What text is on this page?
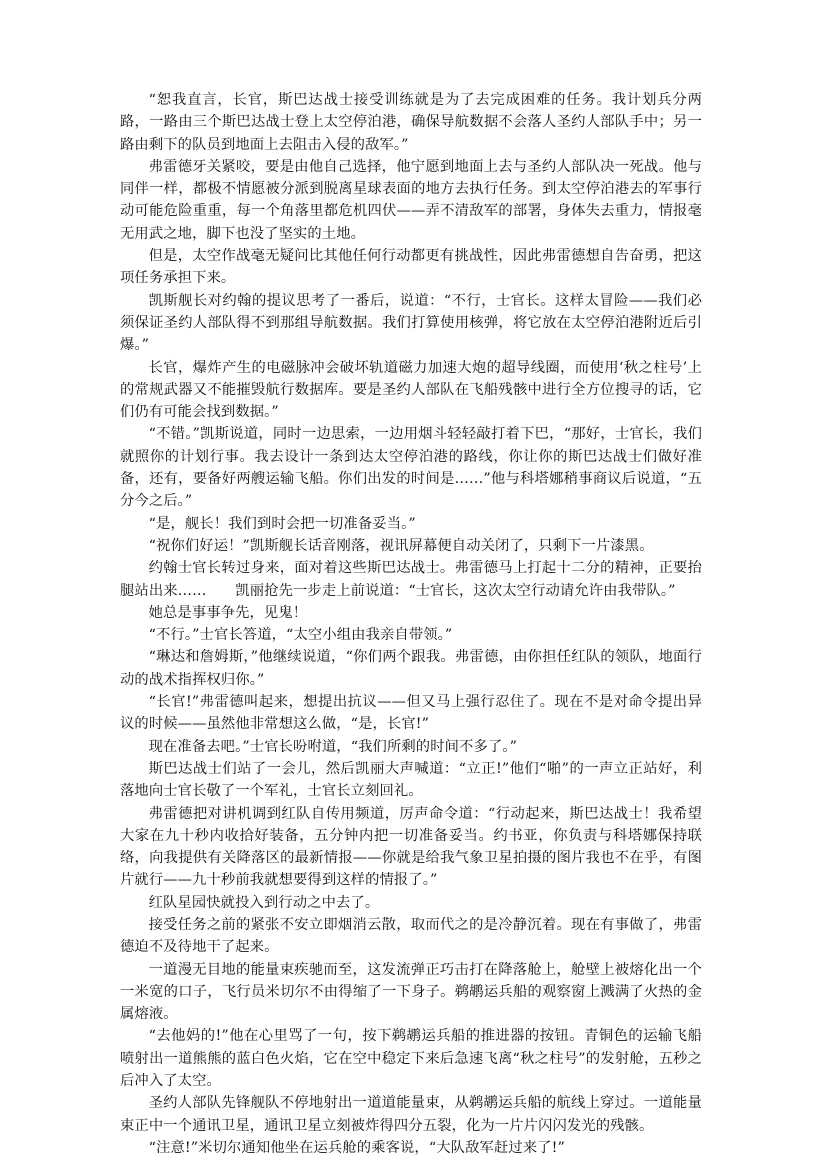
“恕我直言，长官，斯巴达战士接受训练就是为了去完成困难的任务。我计划兵分两路，一路由三个斯巴达战士登上太空停泊港，确保导航数据不会落人圣约人部队手中；另一路由剩下的队员到地面上去阻击入侵的敌军。”

弗雷德牙关紧咬，要是由他自己选择，他宁愿到地面上去与圣约人部队决一死战。他与同伴一样，都极不情愿被分派到脱离星球表面的地方去执行任务。到太空停泊港去的军事行动可能危险重重，每一个角落里都危机四伏——弄不清敌军的部署，身体失去重力，情报毫无用武之地，脚下也没了坚实的土地。

但是，太空作战毫无疑问比其他任何行动都更有挑战性，因此弗雷德想自告奋勇，把这项任务承担下来。

凯斯舰长对约翰的提议思考了一番后，说道：“不行，士官长。这样太冒险——我们必须保证圣约人部队得不到那组导航数据。我们打算使用核弹，将它放在太空停泊港附近后引爆。”

长官，爆炸产生的电磁脉冲会破坏轨道磁力加速大炮的超导线圈，而使用‘秋之柱号’上的常规武器又不能摧毁航行数据库。要是圣约人部队在飞船残骸中进行全方位搜寻的话，它们仍有可能会找到数据。”

“不错。”凯斯说道，同时一边思索，一边用烟斗轻轻敲打着下巴，“那好，士官长，我们就照你的计划行事。我去设计一条到达太空停泊港的路线，你让你的斯巴达战士们做好准备，还有，要备好两艘运输飞船。你们出发的时间是……”他与科塔娜稍事商议后说道，“五分今之后。”

“是，舰长！我们到时会把一切准备妥当。”

“祝你们好运！”凯斯舰长话音刚落，视讯屏幕便自动关闭了，只剩下一片漆黑。

约翰士官长转过身来，面对着这些斯巴达战士。弗雷德马上打起十二分的精神，正要抬腿站出来……　　凯丽抢先一步走上前说道：“士官长，这次太空行动请允许由我带队。”

她总是事事争先，见鬼！

“不行。”士官长答道，“太空小组由我亲自带领。”

“琳达和詹姆斯，”他继续说道，“你们两个跟我。弗雷德，由你担任红队的领队，地面行动的战术指挥权归你。”

“长官!”弗雷德叫起来，想提出抗议——但又马上强行忍住了。现在不是对命令提出异议的时候——虽然他非常想这么做，“是，长官!”

现在准备去吧。”士官长吩咐道，“我们所剩的时间不多了。”

斯巴达战士们站了一会儿，然后凯丽大声喊道：“立正!”他们“啪”的一声立正站好，利落地向士官长敬了一个军礼，士官长立刻回礼。

弗雷德把对讲机调到红队自传用频道，厉声命令道：“行动起来，斯巴达战士！我希望大家在九十秒内收拾好装备，五分钟内把一切准备妥当。约书亚，你负责与科塔娜保持联络，向我提供有关降落区的最新情报——你就是给我气象卫星拍摄的图片我也不在乎，有图片就行——九十秒前我就想要得到这样的情报了。”

红队星园快就投入到行动之中去了。

接受任务之前的紧张不安立即烟消云散，取而代之的是冷静沉着。现在有事做了，弗雷德迫不及待地干了起来。

一道漫无目地的能量束疾驰而至，这发流弹正巧击打在降落舱上，舱壁上被熔化出一个一米宽的口子，飞行员米切尔不由得缩了一下身子。鹈鹕运兵船的观察窗上溅满了火热的金属熔液。

“去他妈的!”他在心里骂了一句，按下鹈鹕运兵船的推进器的按钮。青铜色的运输飞船喷射出一道熊熊的蓝白色火焰，它在空中稳定下来后急速飞离“秋之柱号”的发射舱，五秒之后冲入了太空。

圣约人部队先锋舰队不停地射出一道道能量束，从鹈鹕运兵船的航线上穿过。一道能量束正中一个通讯卫星，通讯卫星立刻被炸得四分五裂，化为一片片闪闪发光的残骸。

“注意!”米切尔通知他坐在运兵舱的乘客说，“大队敌军赶过来了!”
